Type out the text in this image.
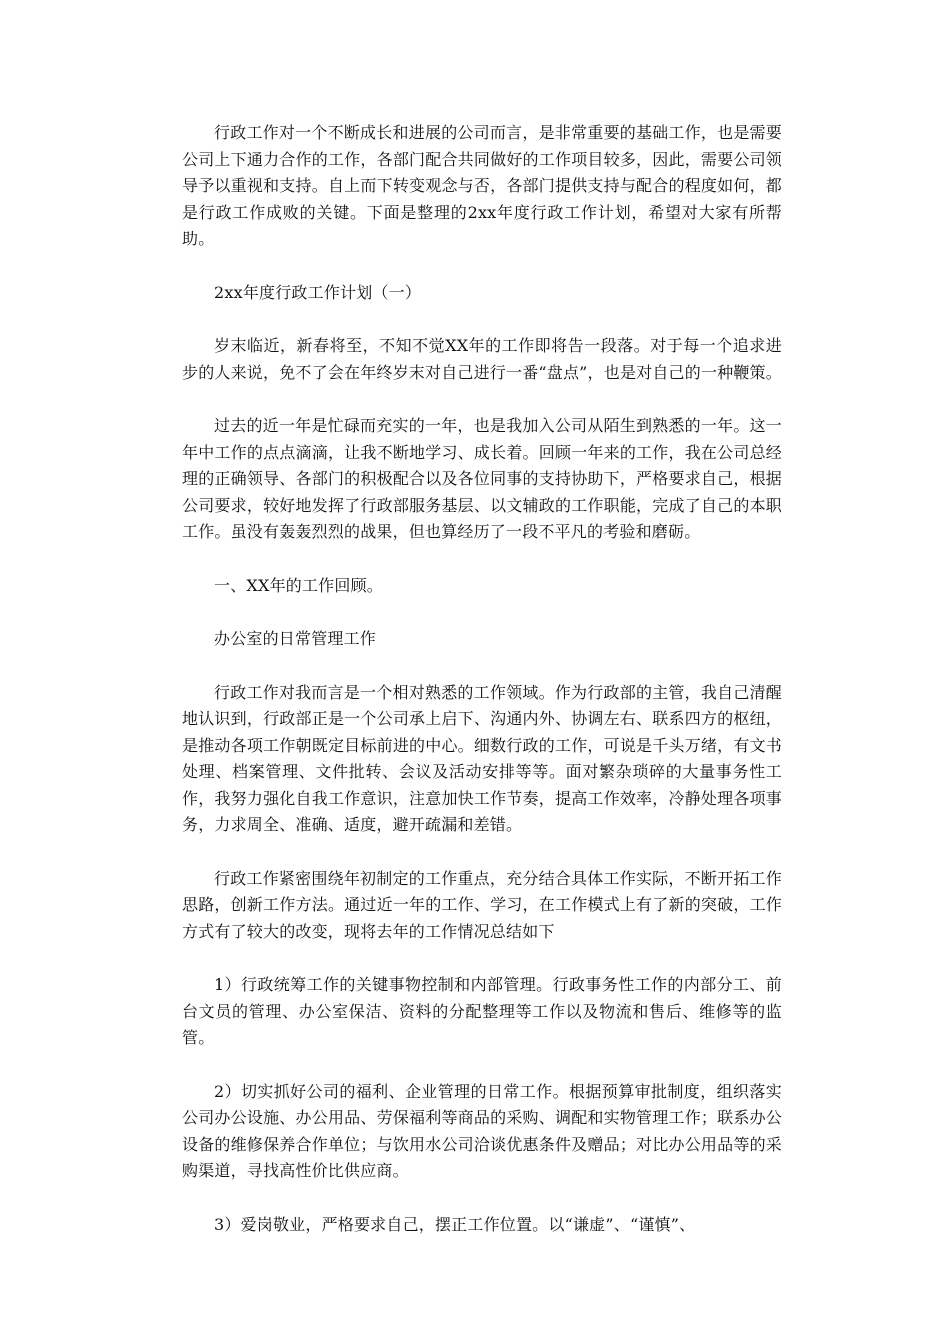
行政工作对一个不断成长和进展的公司而言，是非常重要的基础工作，也是需要公司上下通力合作的工作，各部门配合共同做好的工作项目较多，因此，需要公司领导予以重视和支持。自上而下转变观念与否，各部门提供支持与配合的程度如何，都是行政工作成败的关键。下面是整理的2xx年度行政工作计划，希望对大家有所帮助。

2xx年度行政工作计划（一）

岁末临近，新春将至，不知不觉XX年的工作即将告一段落。对于每一个追求进步的人来说，免不了会在年终岁末对自己进行一番“盘点”，也是对自己的一种鞭策。

过去的近一年是忙碌而充实的一年，也是我加入公司从陌生到熟悉的一年。这一年中工作的点点滴滴，让我不断地学习、成长着。回顾一年来的工作，我在公司总经理的正确领导、各部门的积极配合以及各位同事的支持协助下，严格要求自己，根据公司要求，较好地发挥了行政部服务基层、以文辅政的工作职能，完成了自己的本职工作。虽没有轰轰烈烈的战果，但也算经历了一段不平凡的考验和磨砺。

一、XX年的工作回顾。

办公室的日常管理工作

行政工作对我而言是一个相对熟悉的工作领域。作为行政部的主管，我自己清醒地认识到，行政部正是一个公司承上启下、沟通内外、协调左右、联系四方的枢纽，是推动各项工作朝既定目标前进的中心。细数行政的工作，可说是千头万绪，有文书处理、档案管理、文件批转、会议及活动安排等等。面对繁杂琐碎的大量事务性工作，我努力强化自我工作意识，注意加快工作节奏，提高工作效率，冷静处理各项事务，力求周全、准确、适度，避开疏漏和差错。

行政工作紧密围绕年初制定的工作重点，充分结合具体工作实际，不断开拓工作思路，创新工作方法。通过近一年的工作、学习，在工作模式上有了新的突破，工作方式有了较大的改变，现将去年的工作情况总结如下

1）行政统筹工作的关键事物控制和内部管理。行政事务性工作的内部分工、前台文员的管理、办公室保洁、资料的分配整理等工作以及物流和售后、维修等的监管。

2）切实抓好公司的福利、企业管理的日常工作。根据预算审批制度，组织落实公司办公设施、办公用品、劳保福利等商品的采购、调配和实物管理工作；联系办公设备的维修保养合作单位；与饮用水公司洽谈优惠条件及赠品；对比办公用品等的采购渠道，寻找高性价比供应商。

3）爱岗敬业，严格要求自己，摆正工作位置。以“谦虚”、“谨慎”、
